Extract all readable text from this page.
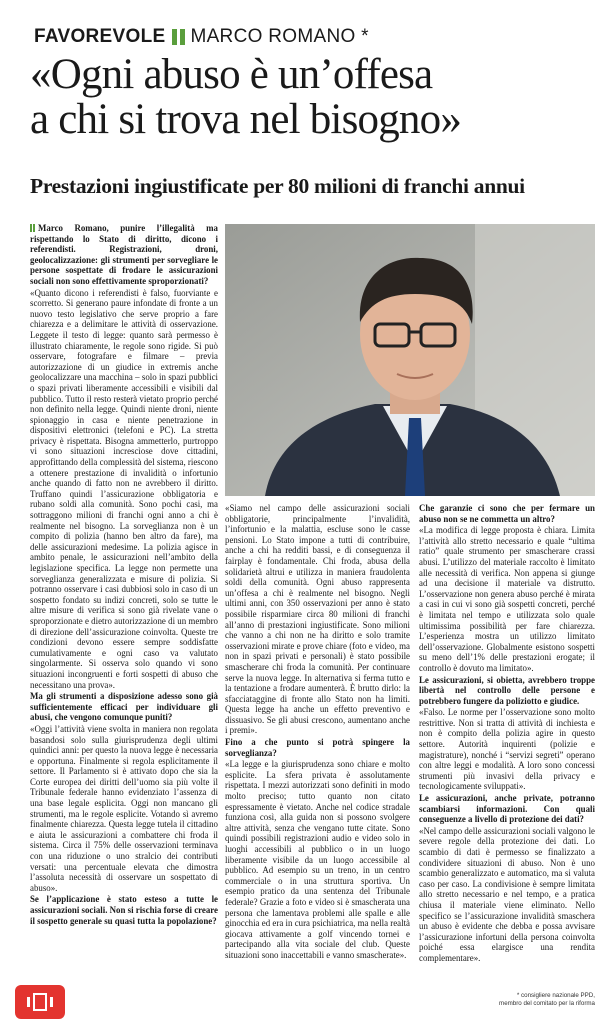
FAVOREVOLE MARCO ROMANO *
«Ogni abuso è un’offesa
a chi si trova nel bisogno»
Prestazioni ingiustificate per 80 milioni di franchi annui

Marco Romano, punire l’illegalità ma rispettando lo Stato di diritto, dicono i referendisti. Registrazioni, droni, geolocalizzazione: gli strumenti per sorvegliare le persone sospettate di frodare le assicurazioni sociali non sono effettivamente sproporzionati?

«Quanto dicono i referendisti è falso, fuorviante e scorretto. Si generano paure infondate di fronte a un nuovo testo legislativo che serve proprio a fare chiarezza e a delimitare le attività di osservazione. Leggete il testo di legge: quanto sarà permesso è illustrato chiaramente, le regole sono rigide. Si può osservare, fotografare e filmare – previa autorizzazione di un giudice in extremis anche geolocalizzare una macchina – solo in spazi pubblici o spazi privati liberamente accessibili e visibili dal pubblico. Tutto il resto resterà vietato proprio perché non definito nella legge. Quindi niente droni, niente spionaggio in casa e niente penetrazione in dispositivi elettronici (telefoni e PC). La stretta privacy è rispettata. Bisogna ammetterlo, purtroppo vi sono situazioni increscìose dove cittadini, approfittando della complessità del sistema, riescono a ottenere prestazione di invalidità o infortunio anche quando di fatto non ne avrebbero il diritto. Truffano quindi l’assicurazione obbligatoria e rubano soldi alla comunità. Sono pochi casi, ma sottraggono milioni di franchi ogni anno a chi è realmente nel bisogno. La sorveglianza non è un compito di polizia (hanno ben altro da fare), ma delle assicurazioni medesime. La polizia agisce in ambito penale, le assicurazioni nell’ambito della legislazione specifica. La legge non permette una sorveglianza generalizzata e misure di polizia. Si potranno osservare i casi dubbiosi solo in caso di un sospetto fondato su indizi concreti, solo se tutte le altre misure di verifica si sono già rivelate vane o sproporzionate e dietro autorizzazione di un membro di direzione dell’assicurazione coinvolta. Queste tre condizioni devono essere sempre soddisfatte cumulativamente e ogni caso va valutato singolarmente. Si osserva solo quando vi sono situazioni incongruenti e forti sospetti di abuso che necessitano una prova».

Ma gli strumenti a disposizione adesso sono già sufficientemente efficaci per individuare gli abusi, che vengono comunque puniti?

«Oggi l’attività viene svolta in maniera non regolata basandosi solo sulla giurisprudenza degli ultimi quindici anni: per questo la nuova legge è necessaria e opportuna. Finalmente si regola esplicitamente il settore. Il Parlamento si è attivato dopo che sia la Corte europea dei diritti dell’uomo sia più volte il Tribunale federale hanno evidenziato l’assenza di una base legale esplicita. Oggi non mancano gli strumenti, ma le regole esplicite. Votando sì avremo finalmente chiarezza. Questa legge tutela il cittadino e aiuta le assicurazioni a combattere chi froda il sistema. Circa il 75% delle osservazioni terminava con una riduzione o uno stralcio dei contributi versati: una percentuale elevata che dimostra l’assoluta necessità di osservare un sospettato di abuso».

Se l’applicazione è stato esteso a tutte le assicurazioni sociali. Non si rischia forse di creare il sospetto generale su quasi tutta la popolazione?

«Siamo nel campo delle assicurazioni sociali obbligatorie, principalmente l’invalidità, l’infortunio e la malattia, escluse sono le casse pensioni. Lo Stato impone a tutti di contribuire, anche a chi ha redditi bassi, e di conseguenza il fairplay è fondamentale. Chi froda, abusa della solidarietà altrui e utilizza in maniera fraudolenta soldi della comunità. Ogni abuso rappresenta un’offesa a chi è realmente nel bisogno. Negli ultimi anni, con 350 osservazioni per anno è stato possibile risparmiare circa 80 milioni di franchi all’anno di prestazioni ingiustificate. Sono milioni che vanno a chi non ne ha diritto e solo tramite osservazioni mirate e prove chiare (foto e video, ma non in spazi privati e personali) è stato possibile smascherare chi froda la comunità. Per continuare serve la nuova legge. In alternativa si ferma tutto e la tentazione a frodare aumenterà. È brutto dirlo: la sfacciataggine di fronte allo Stato non ha limiti. Questa legge ha anche un effetto preventivo e dissuasivo. Se gli abusi crescono, aumentano anche i premi».

Fino a che punto si potrà spingere la sorveglianza?

«La legge e la giurisprudenza sono chiare e molto esplicite. La sfera privata è assolutamente rispettata. I mezzi autorizzati sono definiti in modo molto preciso; tutto quanto non citato espressamente è vietato. Anche nel codice stradale funziona così, alla guida non si possono svolgere altre attività, senza che vengano tutte citate. Sono quindi possibili registrazioni audio e video solo in luoghi accessibili al pubblico o in un luogo liberamente visibile da un luogo accessibile al pubblico. Ad esempio su un treno, in un centro commerciale o in una struttura sportiva. Un esempio pratico da una sentenza del Tribunale federale? Grazie a foto e video si è smascherata una persona che lamentava problemi alle spalle e alle ginocchia ed era in cura psichiatrica, ma nella realtà giocava attivamente a golf vincendo tornei e partecipando alla vita sociale del club. Queste situazioni sono inaccettabili e vanno smascherate».

Che garanzie ci sono che per fermare un abuso non se ne commetta un altro?

«La modifica di legge proposta è chiara. Limita l’attività allo stretto necessario e quale “ultima ratio” quale strumento per smascherare crassi abusi. L’utilizzo del materiale raccolto è limitato alle necessità di verifica. Non appena si giunge ad una decisione il materiale va distrutto. L’osservazione non genera abuso perché è mirata a casi in cui vi sono già sospetti concreti, perché è limitata nel tempo e utilizzata solo quale ultimissima possibilità per fare chiarezza. L’esperienza mostra un utilizzo limitato dell’osservazione. Globalmente esistono sospetti su meno dell’1% delle prestazioni erogate; il controllo è dovuto ma limitato».

Le assicurazioni, si obietta, avrebbero troppe libertà nel controllo delle persone e potrebbero fungere da poliziotto e giudice.

«Falso. Le norme per l’osservazione sono molto restrittive. Non si tratta di attività di inchiesta e non è compito della polizia agire in questo settore. Autorità inquirenti (polizie e magistrature), nonché i “servizi segreti” operano con altre leggi e modalità. A loro sono concessi strumenti più invasivi della privacy e tecnologicamente sviluppati».

Le assicurazioni, anche private, potranno scambiarsi informazioni. Con quali conseguenze a livello di protezione dei dati?

«Nel campo delle assicurazioni sociali valgono le severe regole della protezione dei dati. Lo scambio di dati è permesso se finalizzato a condividere situazioni di abuso. Non è uno scambio generalizzato e automatico, ma si valuta caso per caso. La condivisione è sempre limitata allo stretto necessario e nel tempo, e a pratica chiusa il materiale viene eliminato. Nello specifico se l’assicurazione invalidità smaschera un abuso è evidente che debba e possa avvisare l’assicurazione infortuni della persona coinvolta poiché essa elargisce una rendita complementare».

* consigliere nazionale PPD,
membro del comitato per la riforma
